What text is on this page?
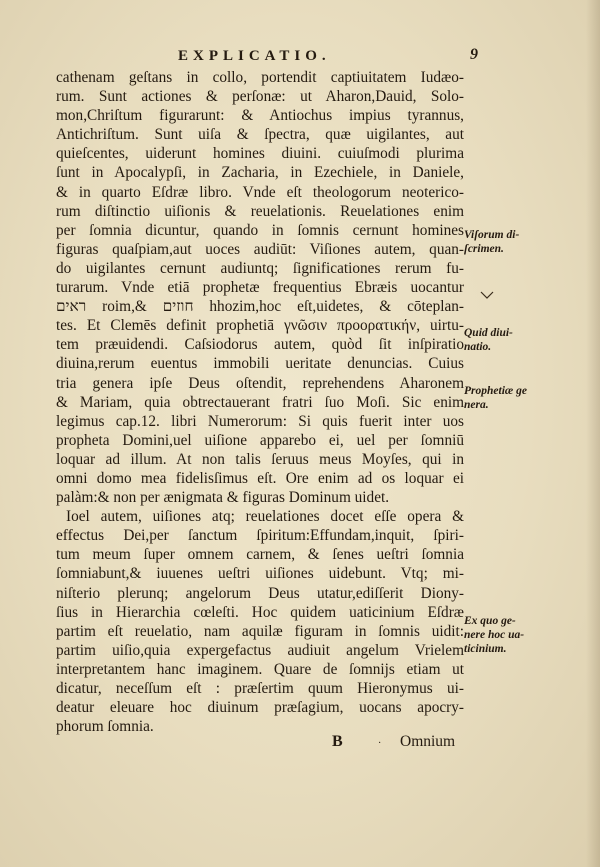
EXPLICATIO.	9
cathenam geſtans in collo, portendit captiuitatem Iudæo-
rum. Sunt actiones & perſonæ: ut Aharon,Dauid, Solo-
mon,Chriſtum figurarunt: & Antiochus impius tyrannus,
Antichriſtum. Sunt uiſa & ſpectra, quæ uigilantes, aut
quieſcentes, uiderunt homines diuini. cuiuſmodi plurima
ſunt in Apocalypſi, in Zacharia, in Ezechiele, in Daniele,
& in quarto Eſdræ libro. Vnde eſt theologorum neoterico-
rum diſtinctio uiſionis & reuelationis. Reuelationes enim
per ſomnia dicuntur, quando in ſomnis cernunt homines
figuras quaſpiam,aut uoces audiūt: Viſiones autem, quan-
do uigilantes cernunt audiuntq; ſignificationes rerum fu-
turarum. Vnde etiā prophetæ frequentius Ebræis uocantur
ראים roim,& חוזים hhozim,hoc eſt,uidetes, & cōteplan-
tes. Et Clemēs definit prophetiā γνῶσιν προορατικήν, uirtu-
tem præuidendi. Caſsiodorus autem, quòd ſit inſpiratio
diuina,rerum euentus immobili ueritate denuncias. Cuius
tria genera ipſe Deus oſtendit, reprehendens Aharonem
& Mariam, quia obtrectauerant fratri ſuo Moſi. Sic enim
legimus cap.12. libri Numerorum: Si quis fuerit inter uos
propheta Domini,uel uiſione apparebo ei, uel per ſomniū
loquar ad illum. At non talis ſeruus meus Moyſes, qui in
omni domo mea fidelisſimus eſt. Ore enim ad os loquar ei
palàm:& non per ænigmata & figuras Dominum uidet.
Ioel autem, uiſiones atq; reuelationes docet eſſe opera &
effectus Dei,per ſanctum ſpiritum:Effundam,inquit, ſpiri-
tum meum ſuper omnem carnem, & ſenes ueſtri ſomnia
ſomniabunt,& iuuenes ueſtri uiſiones uidebunt. Vtq; mi-
niſterio plerunq; angelorum Deus utatur,ediſſerit Diony-
ſius in Hierarchia cœleſti. Hoc quidem uaticinium Eſdræ
partim eſt reuelatio, nam aquilæ figuram in ſomnis uidit:
partim uiſio,quia expergefactus audiuit angelum Vrielem
interpretantem hanc imaginem. Quare de ſomnijs etiam ut
dicatur, neceſſum eſt : præſertim quum Hieronymus ui-
deatur eleuare hoc diuinum præſagium, uocans apocry-
phorum ſomnia.
Viſorum di-
ſcrimen.
Quid diui-
natio.
Prophetiæ ge
nera.
Ex quo ge-
nere hoc ua-
ticinium.
B	· Omnium
